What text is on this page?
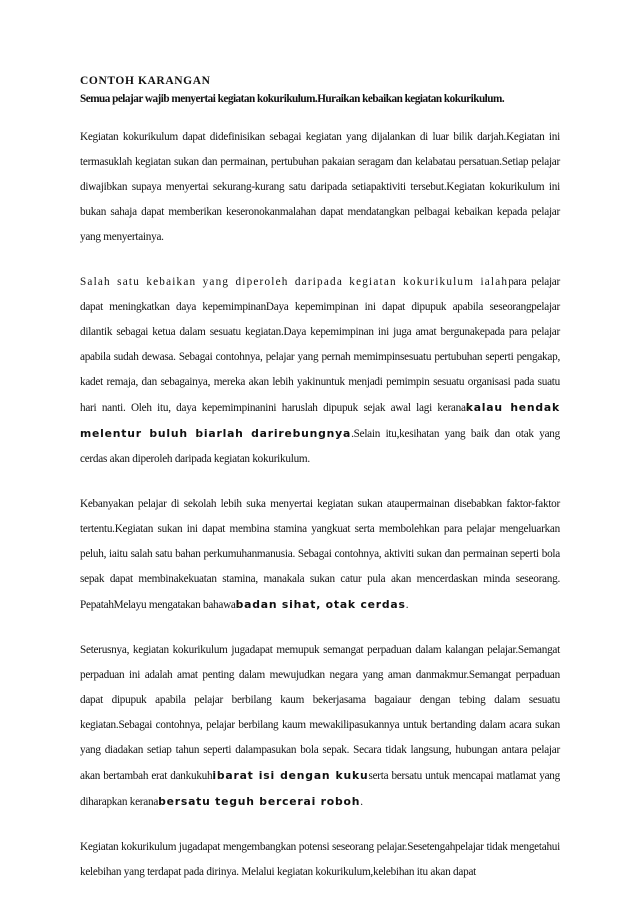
CONTOH KARANGAN
Semua pelajar wajib menyertai kegiatan kokurikulum.Huraikan kebaikan kegiatan kokurikulum.

Kegiatan kokurikulum dapat didefinisikan sebagai kegiatan yang dijalankan di luar bilik darjah.Kegiatan ini termasuklah kegiatan sukan dan permainan, pertubuhan pakaian seragam dan kelabatau persatuan.Setiap pelajar diwajibkan supaya menyertai sekurang-kurang satu daripada setiapaktiviti tersebut.Kegiatan kokurikulum ini bukan sahaja dapat memberikan keseronokanmalahan dapat mendatangkan pelbagai kebaikan kepada pelajar yang menyertainya.

Salah satu kebaikan yang diperoleh daripada kegiatan kokurikulum ialahpara pelajar dapat meningkatkan daya kepemimpinanDaya kepemimpinan ini dapat dipupuk apabila seseorangpelajar dilantik sebagai ketua dalam sesuatu kegiatan.Daya kepemimpinan ini juga amat bergunakepada para pelajar apabila sudah dewasa. Sebagai contohnya, pelajar yang pernah memimpinsesuatu pertubuhan seperti pengakap, kadet remaja, dan sebagainya, mereka akan lebih yakinuntuk menjadi pemimpin sesuatu organisasi pada suatu hari nanti. Oleh itu, daya kepemimpinanini haruslah dipupuk sejak awal lagi keranakalau hendak melentur buluh biarlah darirebungnya.Selain itu,kesihatan yang baik dan otak yang cerdas akan diperoleh daripada kegiatan kokurikulum.

Kebanyakan pelajar di sekolah lebih suka menyertai kegiatan sukan ataupermainan disebabkan faktor-faktor tertentu.Kegiatan sukan ini dapat membina stamina yangkuat serta membolehkan para pelajar mengeluarkan peluh, iaitu salah satu bahan perkumuhanmanusia. Sebagai contohnya, aktiviti sukan dan permainan seperti bola sepak dapat membinakekuatan stamina, manakala sukan catur pula akan mencerdaskan minda seseorang. PepatahMelayu mengatakan bahawabadan sihat, otak cerdas.

Seterusnya, kegiatan kokurikulum jugadapat memupuk semangat perpaduan dalam kalangan pelajar.Semangat perpaduan ini adalah amat penting dalam mewujudkan negara yang aman danmakmur.Semangat perpaduan dapat dipupuk apabila pelajar berbilang kaum bekerjasama bagaiaur dengan tebing dalam sesuatu kegiatan.Sebagai contohnya, pelajar berbilang kaum mewakilipasukannya untuk bertanding dalam acara sukan yang diadakan setiap tahun seperti dalampasukan bola sepak. Secara tidak langsung, hubungan antara pelajar akan bertambah erat dankukuhibarat isi dengan kukuserta bersatu untuk mencapai matlamat yang diharapkan keranabersatu teguh bercerai roboh.

Kegiatan kokurikulum jugadapat mengembangkan potensi seseorang pelajar.Sesetengahpelajar tidak mengetahui kelebihan yang terdapat pada dirinya. Melalui kegiatan kokurikulum,kelebihan itu akan dapat
